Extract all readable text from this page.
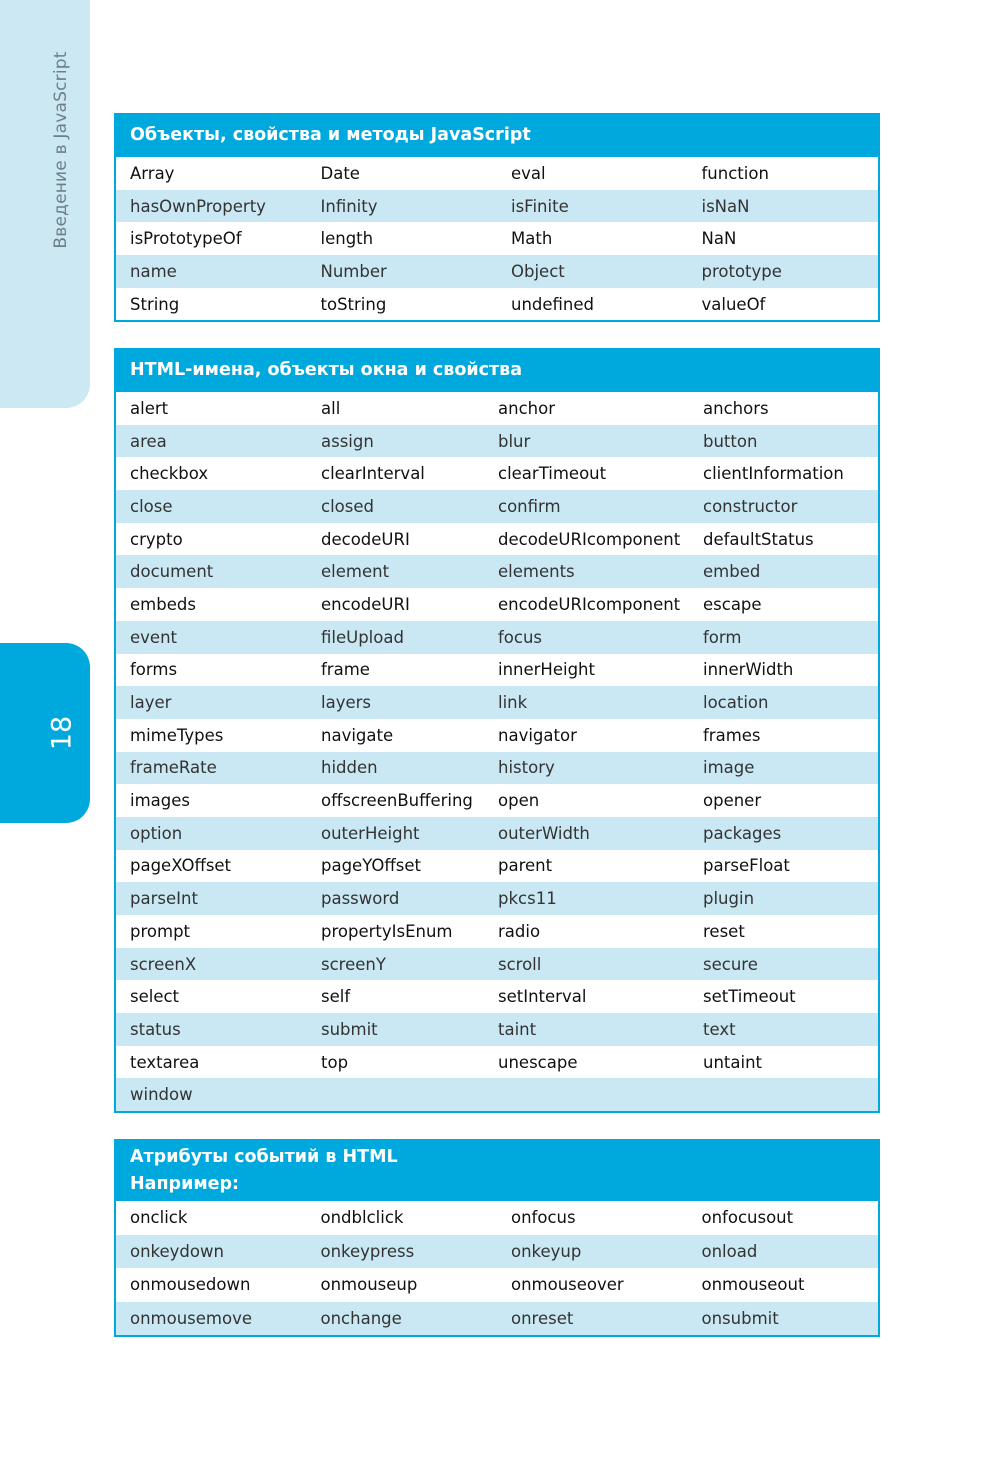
Введение в JavaScript
18
Объекты, свойства и методы JavaScript
Array	Date	eval	function
hasOwnProperty	Infinity	isFinite	isNaN
isPrototypeOf	length	Math	NaN
name	Number	Object	prototype
String	toString	undefined	valueOf
HTML-имена, объекты окна и свойства
alert	all	anchor	anchors
area	assign	blur	button
checkbox	clearInterval	clearTimeout	clientInformation
close	closed	confirm	constructor
crypto	decodeURI	decodeURIcomponent	defaultStatus
document	element	elements	embed
embeds	encodeURI	encodeURIcomponent	escape
event	fileUpload	focus	form
forms	frame	innerHeight	innerWidth
layer	layers	link	location
mimeTypes	navigate	navigator	frames
frameRate	hidden	history	image
images	offscreenBuffering	open	opener
option	outerHeight	outerWidth	packages
pageXOffset	pageYOffset	parent	parseFloat
parseInt	password	pkcs11	plugin
prompt	propertyIsEnum	radio	reset
screenX	screenY	scroll	secure
select	self	setInterval	setTimeout
status	submit	taint	text
textarea	top	unescape	untaint
window
Атрибуты событий в HTML
Например:
onclick	ondblclick	onfocus	onfocusout
onkeydown	onkeypress	onkeyup	onload
onmousedown	onmouseup	onmouseover	onmouseout
onmousemove	onchange	onreset	onsubmit
